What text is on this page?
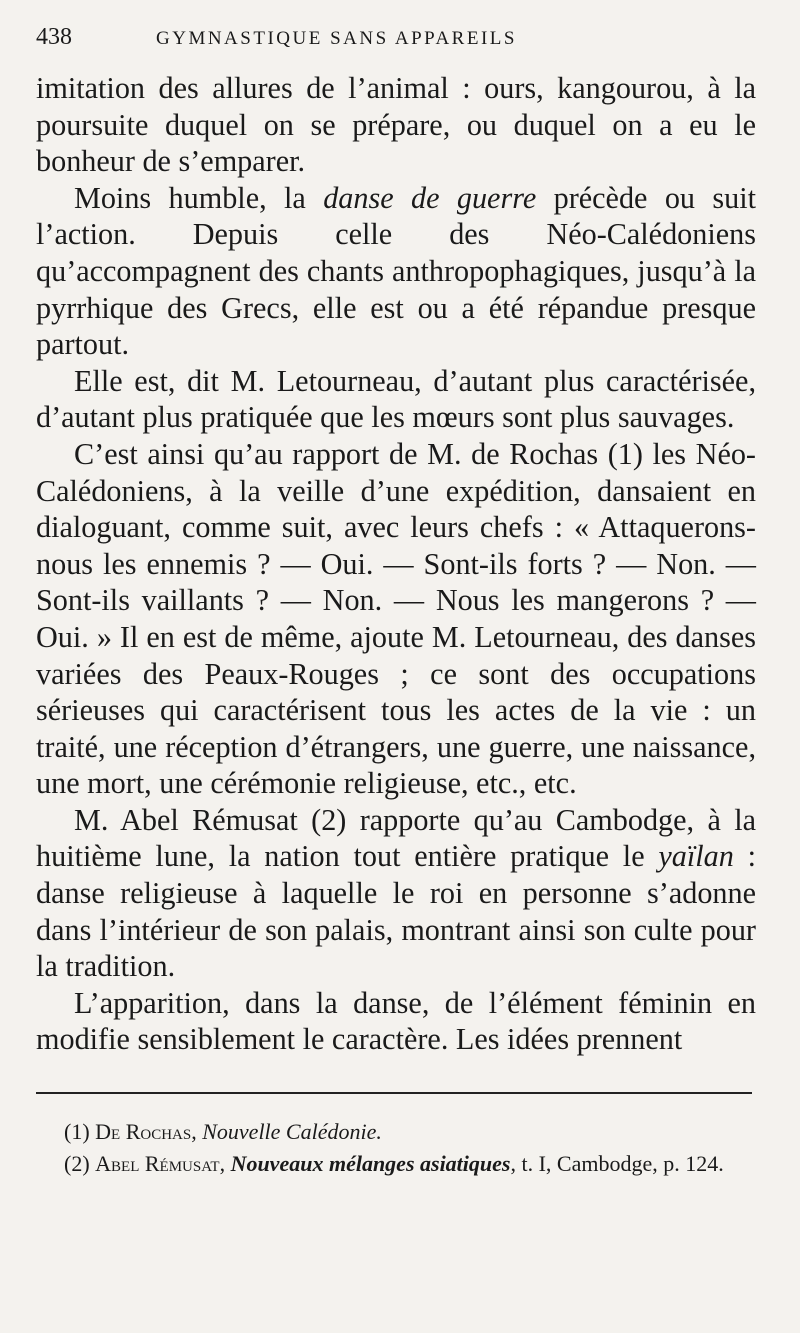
438	GYMNASTIQUE SANS APPAREILS

imitation des allures de l’animal : ours, kangourou, à la poursuite duquel on se prépare, ou duquel on a eu le bonheur de s’emparer.

Moins humble, la danse de guerre précède ou suit l’action. Depuis celle des Néo-Calédoniens qu’accompagnent des chants anthropophagiques, jusqu’à la pyrrhique des Grecs, elle est ou a été répandue presque partout.

Elle est, dit M. Letourneau, d’autant plus caractérisée, d’autant plus pratiquée que les mœurs sont plus sauvages.

C’est ainsi qu’au rapport de M. de Rochas (1) les Néo-Calédoniens, à la veille d’une expédition, dansaient en dialoguant, comme suit, avec leurs chefs : « Attaquerons-nous les ennemis ? — Oui. — Sont-ils forts ? — Non. — Sont-ils vaillants ? — Non. — Nous les mangerons ? — Oui. » Il en est de même, ajoute M. Letourneau, des danses variées des Peaux-Rouges ; ce sont des occupations sérieuses qui caractérisent tous les actes de la vie : un traité, une réception d’étrangers, une guerre, une naissance, une mort, une cérémonie religieuse, etc., etc.

M. Abel Rémusat (2) rapporte qu’au Cambodge, à la huitième lune, la nation tout entière pratique le yaïlan : danse religieuse à laquelle le roi en personne s’adonne dans l’intérieur de son palais, montrant ainsi son culte pour la tradition.

L’apparition, dans la danse, de l’élément féminin en modifie sensiblement le caractère. Les idées prennent

(1) De Rochas, Nouvelle Calédonie.

(2) Abel Rémusat, Nouveaux mélanges asiatiques, t. I, Cambodge, p. 124.
